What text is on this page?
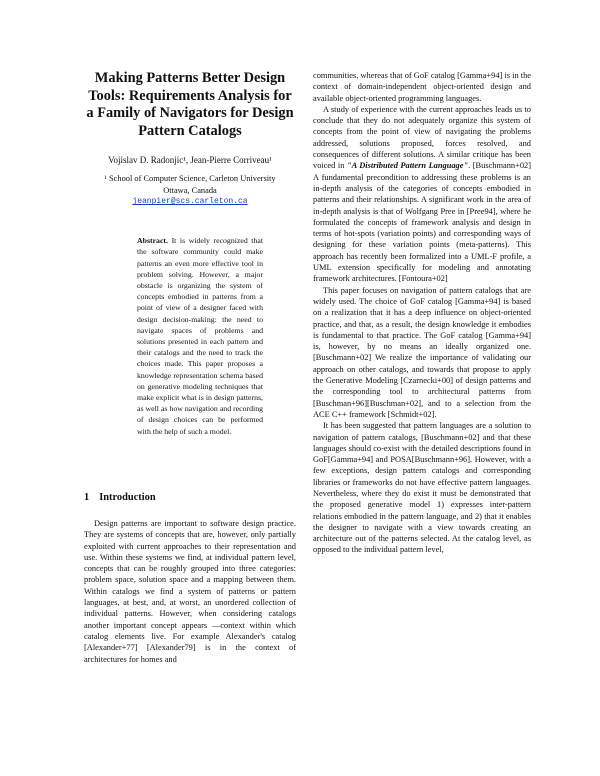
Making Patterns Better Design Tools: Requirements Analysis for a Family of Navigators for Design Pattern Catalogs
Vojislav D. Radonjic¹, Jean-Pierre Corriveau¹
¹ School of Computer Science, Carleton University
Ottawa, Canada
jeanpier@scs.carleton.ca

Abstract. It is widely recognized that the software community could make patterns an even more effective tool in problem solving. However, a major obstacle is organizing the system of concepts embodied in patterns from a point of view of a designer faced with design decision-making: the need to navigate spaces of problems and solutions presented in each pattern and their catalogs and the need to track the choices made. This paper proposes a knowledge representation schema based on generative modeling techniques that make explicit what is in design patterns, as well as how navigation and recording of design choices can be performed with the help of such a model.

1 Introduction

Design patterns are important to software design practice. They are systems of concepts that are, however, only partially exploited with current approaches to their representation and use. Within these systems we find, at individual pattern level, concepts that can be roughly grouped into three categories: problem space, solution space and a mapping between them. Within catalogs we find a system of patterns or pattern languages, at best, and, at worst, an unordered collection of individual patterns. However, when considering catalogs another important concept appears —context within which catalog elements live. For example Alexander's catalog [Alexander+77] [Alexander79] is in the context of architectures for homes and

communities, whereas that of GoF catalog [Gamma+94] is in the context of domain-independent object-oriented design and available object-oriented programming languages.

A study of experience with the current approaches leads us to conclude that they do not adequately organize this system of concepts from the point of view of navigating the problems addressed, solutions proposed, forces resolved, and consequences of different solutions. A similar critique has been voiced in "A Distributed Pattern Language". [Buschmann+02] A fundamental precondition to addressing these problems is an in-depth analysis of the categories of concepts embodied in patterns and their relationships. A significant work in the area of in-depth analysis is that of Wolfgang Pree in [Pree94], where he formulated the concepts of framework analysis and design in terms of hot-spots (variation points) and corresponding ways of designing for these variation points (meta-patterns). This approach has recently been formalized into a UML-F profile, a UML extension specifically for modeling and annotating framework architectures. [Fontoura+02]

This paper focuses on navigation of pattern catalogs that are widely used. The choice of GoF catalog [Gamma+94] is based on a realization that it has a deep influence on object-oriented practice, and that, as a result, the design knowledge it embodies is fundamental to that practice. The GoF catalog [Gamma+94] is, however, by no means an ideally organized one.[Buschmann+02] We realize the importance of validating our approach on other catalogs, and towards that propose to apply the Generative Modeling [Czarnecki+00] of design patterns and the corresponding tool to architectural patterns from [Buschman+96][Buschman+02], and to a selection from the ACE C++ framework [Schmidt+02].

It has been suggested that pattern languages are a solution to navigation of pattern catalogs, [Buschmann+02] and that these languages should co-exist with the detailed descriptions found in GoF[Gamma+94] and POSA[Buschmann+96]. However, with a few exceptions, design pattern catalogs and corresponding libraries or frameworks do not have effective pattern languages. Nevertheless, where they do exist it must be demonstrated that the proposed generative model 1) expresses inter-pattern relations embodied in the pattern language, and 2) that it enables the designer to navigate with a view towards creating an architecture out of the patterns selected. At the catalog level, as opposed to the individual pattern level,
